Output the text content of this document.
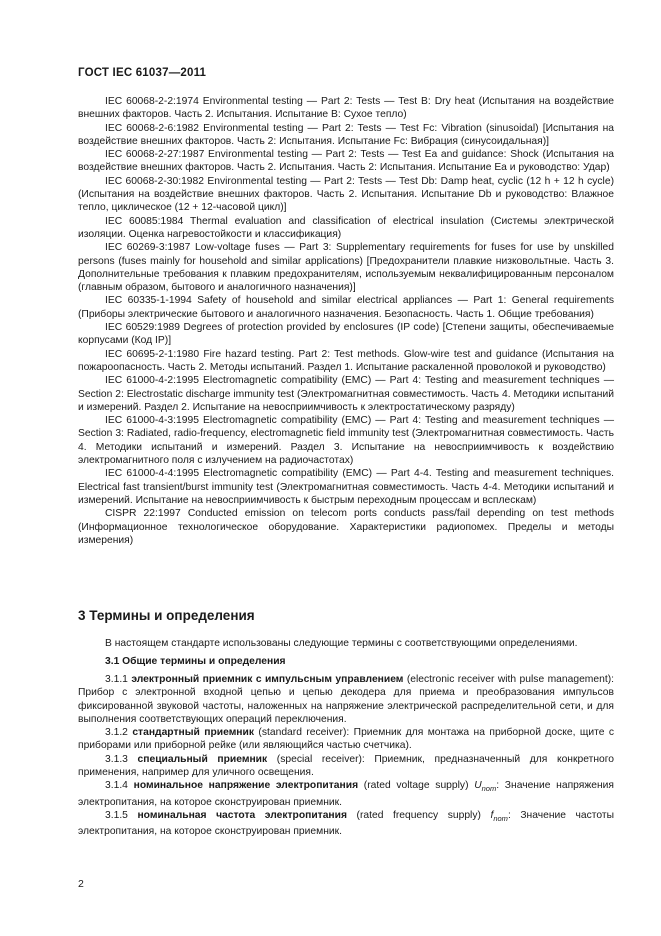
ГОСТ IEC 61037—2011

IEC 60068-2-2:1974 Environmental testing — Part 2: Tests — Test B: Dry heat (Испытания на воздействие внешних факторов. Часть 2. Испытания. Испытание В: Сухое тепло)

IEC 60068-2-6:1982 Environmental testing — Part 2: Tests — Test Fc: Vibration (sinusoidal) [Испытания на воздействие внешних факторов. Часть 2: Испытания. Испытание Fc: Вибрация (синусоидальная)]

IEC 60068-2-27:1987 Environmental testing — Part 2: Tests — Test Ea and guidance: Shock (Испытания на воздействие внешних факторов. Часть 2. Испытания. Часть 2: Испытания. Испытание Еа и руководство: Удар)

IEC 60068-2-30:1982 Environmental testing — Part 2: Tests — Test Db: Damp heat, cyclic (12 h + 12 h cycle) (Испытания на воздействие внешних факторов. Часть 2. Испытания. Испытание Db и руководство: Влажное тепло, циклическое (12 + 12-часовой цикл)]

IEC 60085:1984 Thermal evaluation and classification of electrical insulation (Системы электрической изоляции. Оценка нагревостойкости и классификация)

IEC 60269-3:1987 Low-voltage fuses — Part 3: Supplementary requirements for fuses for use by unskilled persons (fuses mainly for household and similar applications) [Предохранители плавкие низковольтные. Часть 3. Дополнительные требования к плавким предохранителям, используемым неквалифицированным персоналом (главным образом, бытового и аналогичного назначения)]

IEC 60335-1-1994 Safety of household and similar electrical appliances — Part 1: General requirements (Приборы электрические бытового и аналогичного назначения. Безопасность. Часть 1. Общие требования)

IEC 60529:1989 Degrees of protection provided by enclosures (IP code) [Степени защиты, обеспечиваемые корпусами (Код IP)]

IEC 60695-2-1:1980 Fire hazard testing. Part 2: Test methods. Glow-wire test and guidance (Испытания на пожароопасность. Часть 2. Методы испытаний. Раздел 1. Испытание раскаленной проволокой и руководство)

IEC 61000-4-2:1995 Electromagnetic compatibility (EMC) — Part 4: Testing and measurement techniques — Section 2: Electrostatic discharge immunity test (Электромагнитная совместимость. Часть 4. Методики испытаний и измерений. Раздел 2. Испытание на невосприимчивость к электростатическому разряду)

IEC 61000-4-3:1995 Electromagnetic compatibility (EMC) — Part 4: Testing and measurement techniques — Section 3: Radiated, radio-frequency, electromagnetic field immunity test (Электромагнитная совместимость. Часть 4. Методики испытаний и измерений. Раздел 3. Испытание на невосприимчивость к воздействию электромагнитного поля с излучением на радиочастотах)

IEC 61000-4-4:1995 Electromagnetic compatibility (EMC) — Part 4-4. Testing and measurement techniques. Electrical fast transient/burst immunity test (Электромагнитная совместимость. Часть 4-4. Методики испытаний и измерений. Испытание на невосприимчивость к быстрым переходным процессам и всплескам)

CISPR 22:1997 Conducted emission on telecom ports conducts pass/fail depending on test methods (Информационное технологическое оборудование. Характеристики радиопомех. Пределы и методы измерения)

3 Термины и определения

В настоящем стандарте использованы следующие термины с соответствующими определениями.

3.1 Общие термины и определения

3.1.1 электронный приемник с импульсным управлением (electronic receiver with pulse management): Прибор с электронной входной цепью и цепью декодера для приема и преобразования импульсов фиксированной звуковой частоты, наложенных на напряжение электрической распределительной сети, и для выполнения соответствующих операций переключения.

3.1.2 стандартный приемник (standard receiver): Приемник для монтажа на приборной доске, щите с приборами или приборной рейке (или являющийся частью счетчика).

3.1.3 специальный приемник (special receiver): Приемник, предназначенный для конкретного применения, например для уличного освещения.

3.1.4 номинальное напряжение электропитания (rated voltage supply) $U_{nom}$: Значение напряжения электропитания, на которое сконструирован приемник.

3.1.5 номинальная частота электропитания (rated frequency supply) $f_{nom}$: Значение частоты электропитания, на которое сконструирован приемник.

2
